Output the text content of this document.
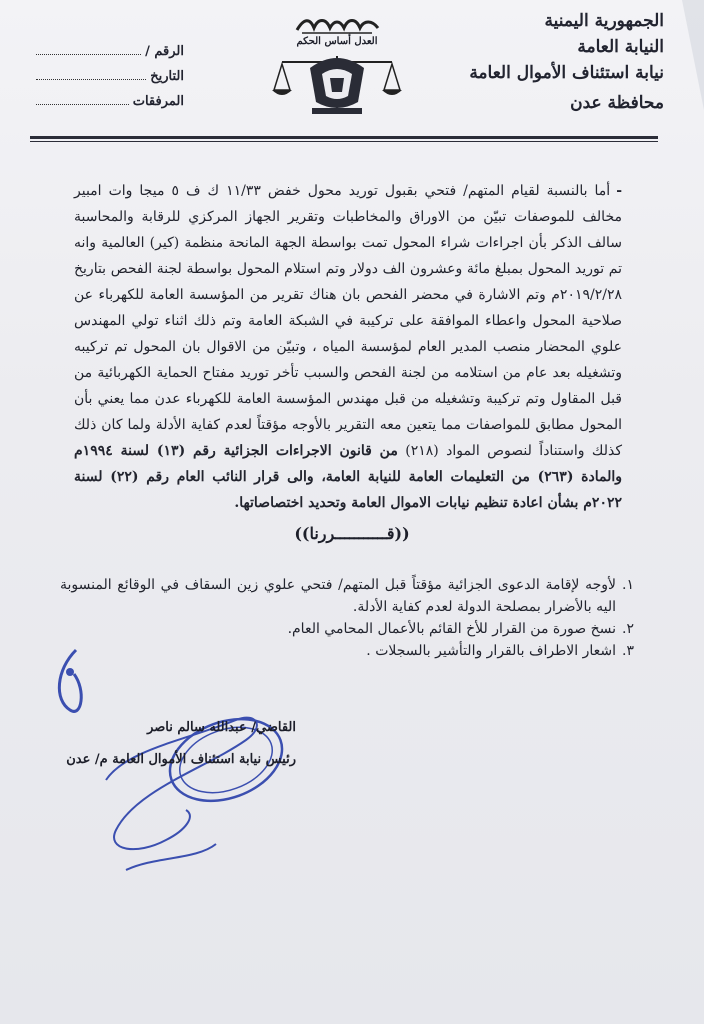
الجمهورية اليمنية
النيابة العامة
نيابة استئناف الأموال العامة
محافظة عدن
العدل أساس الحكم
الرقم /
التاريخ
المرفقات
-أما بالنسبة لقيام المتهم/ فتحي بقبول توريد محول خفض ١١/٣٣ ك ف ٥ ميجا وات امبير مخالف للموصفات تبيّن من الاوراق والمخاطبات وتقرير الجهاز المركزي للرقابة والمحاسبة سالف الذكر بأن اجراءات شراء المحول تمت بواسطة الجهة المانحة منظمة (كير) العالمية وانه تم توريد المحول بمبلغ مائة وعشرون الف دولار وتم استلام المحول بواسطة لجنة الفحص بتاريخ ٢٠١٩/٢/٢٨م وتم الاشارة في محضر الفحص بان هناك تقرير من المؤسسة العامة للكهرباء عن صلاحية المحول واعطاء الموافقة على تركيبة في الشبكة العامة وتم ذلك اثناء تولي المهندس علوي المحضار منصب المدير العام لمؤسسة المياه ، وتبيّن من الاقوال بان المحول تم تركيبه وتشغيله بعد عام من استلامه من لجنة الفحص والسبب تأخر توريد مفتاح الحماية الكهربائية من قبل المقاول وتم تركيبة وتشغيله من قبل مهندس المؤسسة العامة للكهرباء عدن مما يعني بأن المحول مطابق للمواصفات مما يتعين معه التقرير بالأوجه مؤقتاً لعدم كفاية الأدلة ولما كان ذلك كذلك واستناداً لنصوص المواد (٢١٨) من قانون الاجراءات الجزائية رقم (١٣) لسنة ١٩٩٤م والمادة (٢٦٣) من التعليمات العامة للنيابة العامة، والى قرار النائب العام رقم (٢٢) لسنة ٢٠٢٢م بشأن اعادة تنظيم نيابات الاموال العامة وتحديد اختصاصاتها.
((قـــــــــــررنا))
١.
لأوجه لإقامة الدعوى الجزائية مؤقتاً قبل المتهم/ فتحي علوي زين السقاف في الوقائع المنسوبة اليه بالأضرار بمصلحة الدولة لعدم كفاية الأدلة.
٢.
نسخ صورة من القرار للأخ القائم بالأعمال المحامي العام.
٣.
اشعار الاطراف بالقرار والتأشير بالسجلات .
القاضي/ عبدالله سالم ناصر
رئيس نيابة استئناف الأموال العامة م/ عدن
